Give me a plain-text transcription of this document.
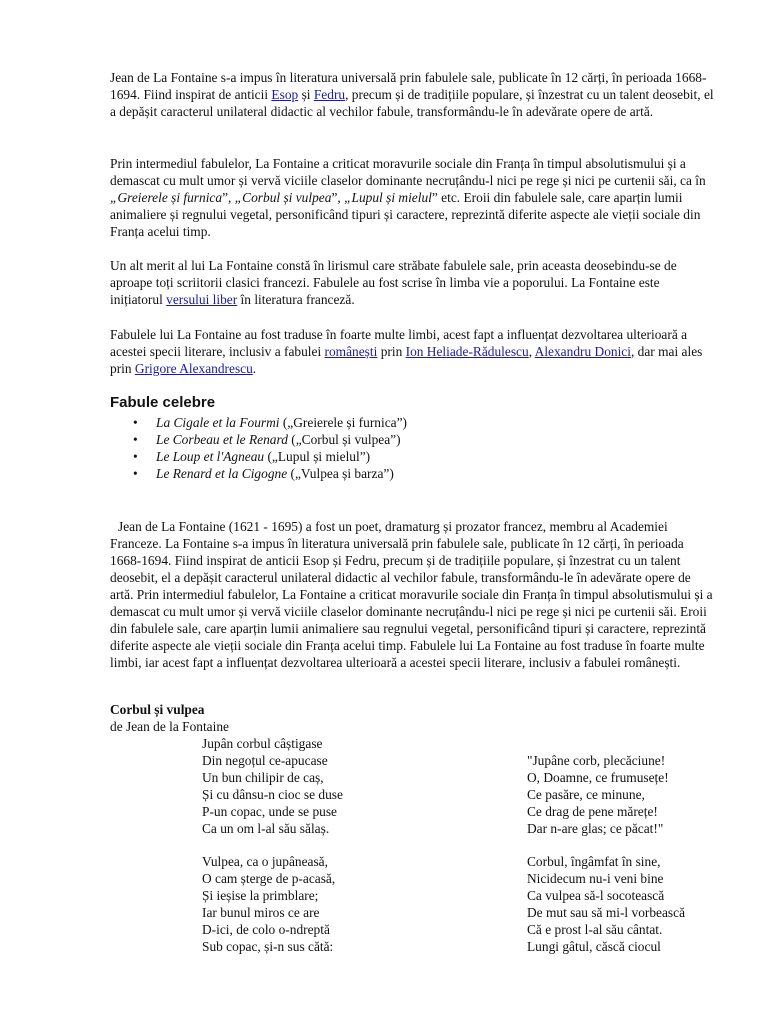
Jean de La Fontaine s-a impus în literatura universală prin fabulele sale, publicate în 12 cărți, în perioada 1668-1694. Fiind inspirat de anticii Esop și Fedru, precum și de tradițiile populare, și înzestrat cu un talent deosebit, el a depășit caracterul unilateral didactic al vechilor fabule, transformându-le în adevărate opere de artă.

Prin intermediul fabulelor, La Fontaine a criticat moravurile sociale din Franța în timpul absolutismului și a demascat cu mult umor și vervă viciile claselor dominante necruțându-l nici pe rege și nici pe curtenii săi, ca în „Greierele și furnica”, „Corbul și vulpea”, „Lupul și mielul” etc. Eroii din fabulele sale, care aparțin lumii animaliere și regnului vegetal, personificând tipuri și caractere, reprezintă diferite aspecte ale vieții sociale din Franța acelui timp.

Un alt merit al lui La Fontaine constă în lirismul care străbate fabulele sale, prin aceasta deosebindu-se de aproape toți scriitorii clasici francezi. Fabulele au fost scrise în limba vie a poporului. La Fontaine este inițiatorul versului liber în literatura franceză.

Fabulele lui La Fontaine au fost traduse în foarte multe limbi, acest fapt a influențat dezvoltarea ulterioară a acestei specii literare, inclusiv a fabulei românești prin Ion Heliade-Rădulescu, Alexandru Donici, dar mai ales prin Grigore Alexandrescu.

Fabule celebre
• La Cigale et la Fourmi („Greierele și furnica”)
• Le Corbeau et le Renard („Corbul și vulpea”)
• Le Loup et l'Agneau („Lupul și mielul”)
• Le Renard et la Cigogne („Vulpea și barza”)

Jean de La Fontaine (1621 - 1695) a fost un poet, dramaturg și prozator francez, membru al Academiei Franceze. La Fontaine s-a impus în literatura universală prin fabulele sale, publicate în 12 cărți, în perioada 1668-1694. Fiind inspirat de anticii Esop și Fedru, precum și de tradițiile populare, și înzestrat cu un talent deosebit, el a depășit caracterul unilateral didactic al vechilor fabule, transformându-le în adevărate opere de artă. Prin intermediul fabulelor, La Fontaine a criticat moravurile sociale din Franța în timpul absolutismului și a demascat cu mult umor și vervă viciile claselor dominante necruțându-l nici pe rege și nici pe curtenii săi. Eroii din fabulele sale, care aparțin lumii animaliere sau regnului vegetal, personificând tipuri și caractere, reprezintă diferite aspecte ale vieții sociale din Franța acelui timp. Fabulele lui La Fontaine au fost traduse în foarte multe limbi, iar acest fapt a influențat dezvoltarea ulterioară a acestei specii literare, inclusiv a fabulei românești.

Corbul și vulpea
de Jean de la Fontaine
Jupân corbul câștigase
Din negoțul ce-apucase
Un bun chilipir de caș,
Și cu dânsu-n cioc se duse
P-un copac, unde se puse
Ca un om l-al său sălaș.
"Jupâne corb, plecăciune!
O, Doamne, ce frumusețe!
Ce pasăre, ce minune,
Ce drag de pene mărețe!
Dar n-are glas; ce păcat!"
Vulpea, ca o jupâneasă,
O cam șterge de p-acasă,
Și ieșise la primblare;
Iar bunul miros ce are
D-ici, de colo o-ndreptă
Sub copac, și-n sus cătă:
Corbul, îngâmfat în sine,
Nicidecum nu-i veni bine
Ca vulpea să-l socotească
De mut sau să mi-l vorbească
Că e prost l-al său cântat.
Lungi gâtul, căscă ciocul
